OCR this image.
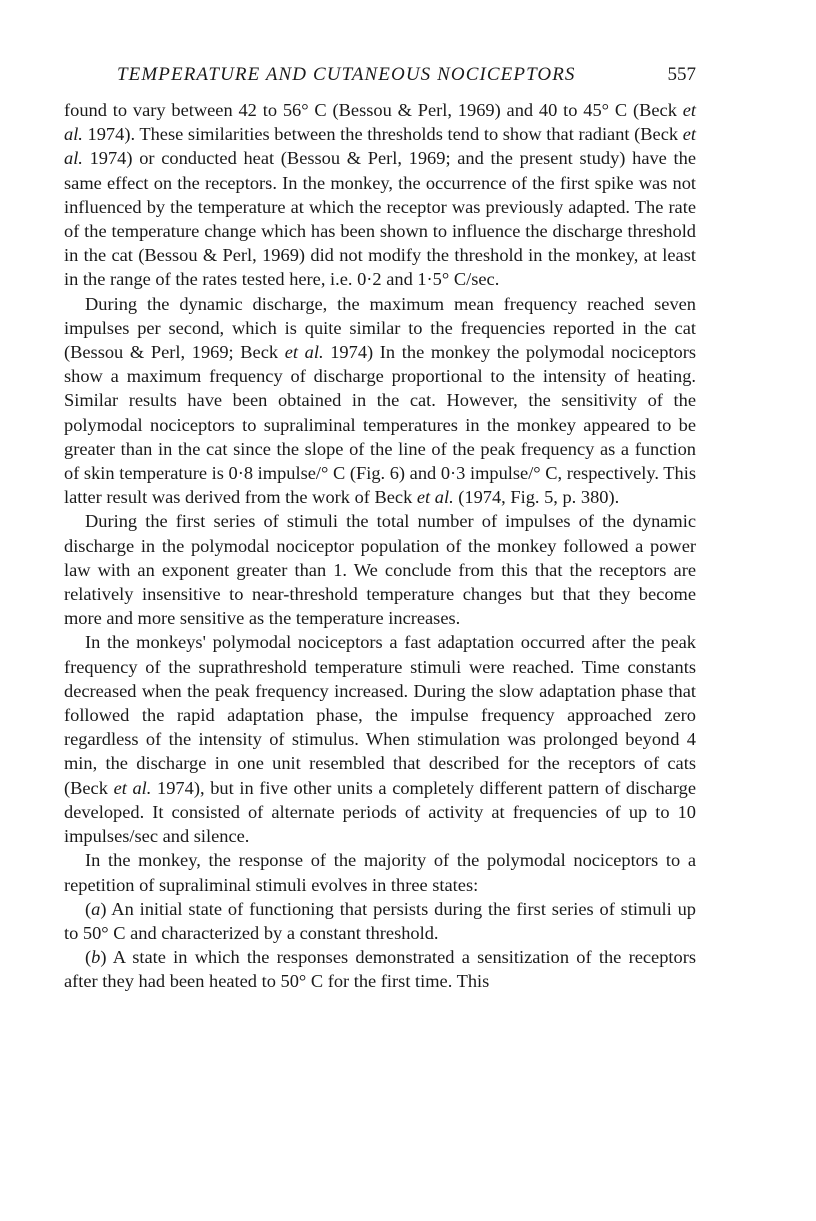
TEMPERATURE AND CUTANEOUS NOCICEPTORS	557

found to vary between 42 to 56° C (Bessou & Perl, 1969) and 40 to 45° C (Beck et al. 1974). These similarities between the thresholds tend to show that radiant (Beck et al. 1974) or conducted heat (Bessou & Perl, 1969; and the present study) have the same effect on the receptors. In the monkey, the occurrence of the first spike was not influenced by the temperature at which the receptor was previously adapted. The rate of the temperature change which has been shown to influence the discharge threshold in the cat (Bessou & Perl, 1969) did not modify the threshold in the monkey, at least in the range of the rates tested here, i.e. 0·2 and 1·5° C/sec.

During the dynamic discharge, the maximum mean frequency reached seven impulses per second, which is quite similar to the frequencies reported in the cat (Bessou & Perl, 1969; Beck et al. 1974) In the monkey the polymodal nociceptors show a maximum frequency of discharge proportional to the intensity of heating. Similar results have been obtained in the cat. However, the sensitivity of the polymodal nociceptors to supraliminal temperatures in the monkey appeared to be greater than in the cat since the slope of the line of the peak frequency as a function of skin temperature is 0·8 impulse/° C (Fig. 6) and 0·3 impulse/° C, respectively. This latter result was derived from the work of Beck et al. (1974, Fig. 5, p. 380).

During the first series of stimuli the total number of impulses of the dynamic discharge in the polymodal nociceptor population of the monkey followed a power law with an exponent greater than 1. We conclude from this that the receptors are relatively insensitive to near-threshold temperature changes but that they become more and more sensitive as the temperature increases.

In the monkeys' polymodal nociceptors a fast adaptation occurred after the peak frequency of the suprathreshold temperature stimuli were reached. Time constants decreased when the peak frequency increased. During the slow adaptation phase that followed the rapid adaptation phase, the impulse frequency approached zero regardless of the intensity of stimulus. When stimulation was prolonged beyond 4 min, the discharge in one unit resembled that described for the receptors of cats (Beck et al. 1974), but in five other units a completely different pattern of discharge developed. It consisted of alternate periods of activity at frequencies of up to 10 impulses/sec and silence.

In the monkey, the response of the majority of the polymodal nociceptors to a repetition of supraliminal stimuli evolves in three states:

(a) An initial state of functioning that persists during the first series of stimuli up to 50° C and characterized by a constant threshold.

(b) A state in which the responses demonstrated a sensitization of the receptors after they had been heated to 50° C for the first time. This
